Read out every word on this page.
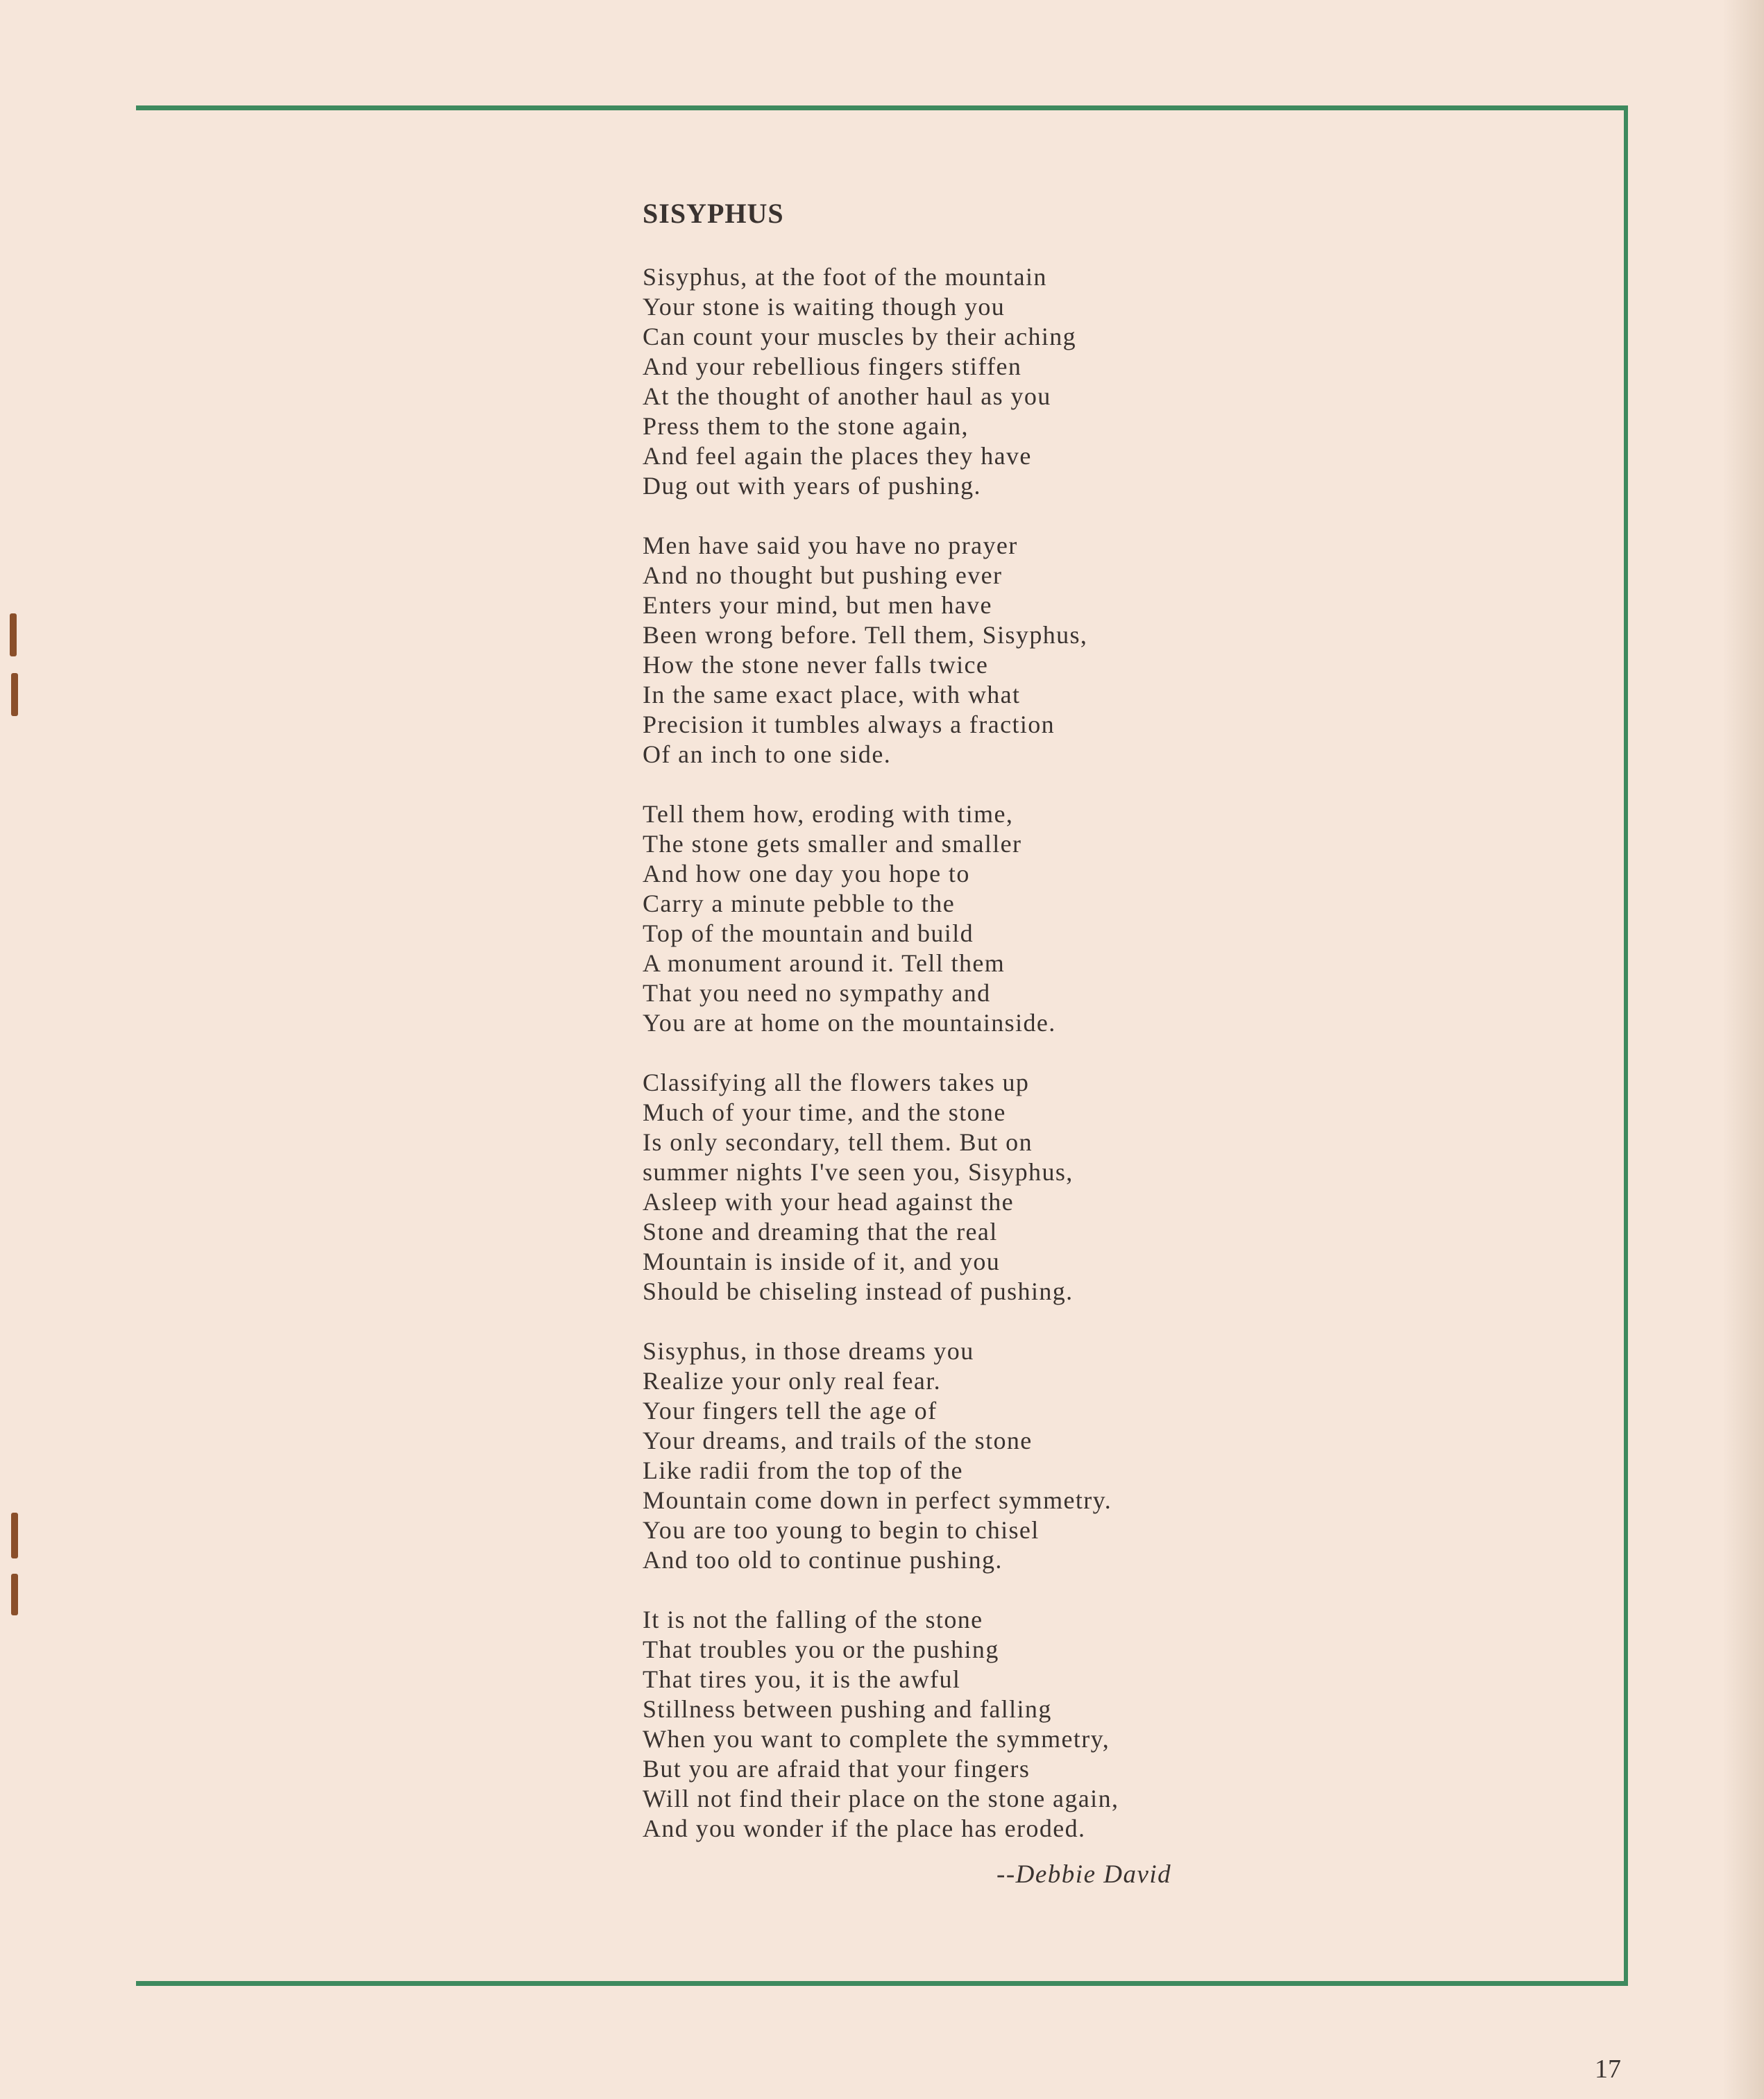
SISYPHUS
Sisyphus, at the foot of the mountain
Your stone is waiting though you
Can count your muscles by their aching
And your rebellious fingers stiffen
At the thought of another haul as you
Press them to the stone again,
And feel again the places they have
Dug out with years of pushing.
Men have said you have no prayer
And no thought but pushing ever
Enters your mind, but men have
Been wrong before. Tell them, Sisyphus,
How the stone never falls twice
In the same exact place, with what
Precision it tumbles always a fraction
Of an inch to one side.
Tell them how, eroding with time,
The stone gets smaller and smaller
And how one day you hope to
Carry a minute pebble to the
Top of the mountain and build
A monument around it. Tell them
That you need no sympathy and
You are at home on the mountainside.
Classifying all the flowers takes up
Much of your time, and the stone
Is only secondary, tell them. But on
summer nights I've seen you, Sisyphus,
Asleep with your head against the
Stone and dreaming that the real
Mountain is inside of it, and you
Should be chiseling instead of pushing.
Sisyphus, in those dreams you
Realize your only real fear.
Your fingers tell the age of
Your dreams, and trails of the stone
Like radii from the top of the
Mountain come down in perfect symmetry.
You are too young to begin to chisel
And too old to continue pushing.
It is not the falling of the stone
That troubles you or the pushing
That tires you, it is the awful
Stillness between pushing and falling
When you want to complete the symmetry,
But you are afraid that your fingers
Will not find their place on the stone again,
And you wonder if the place has eroded.
--Debbie David
17
